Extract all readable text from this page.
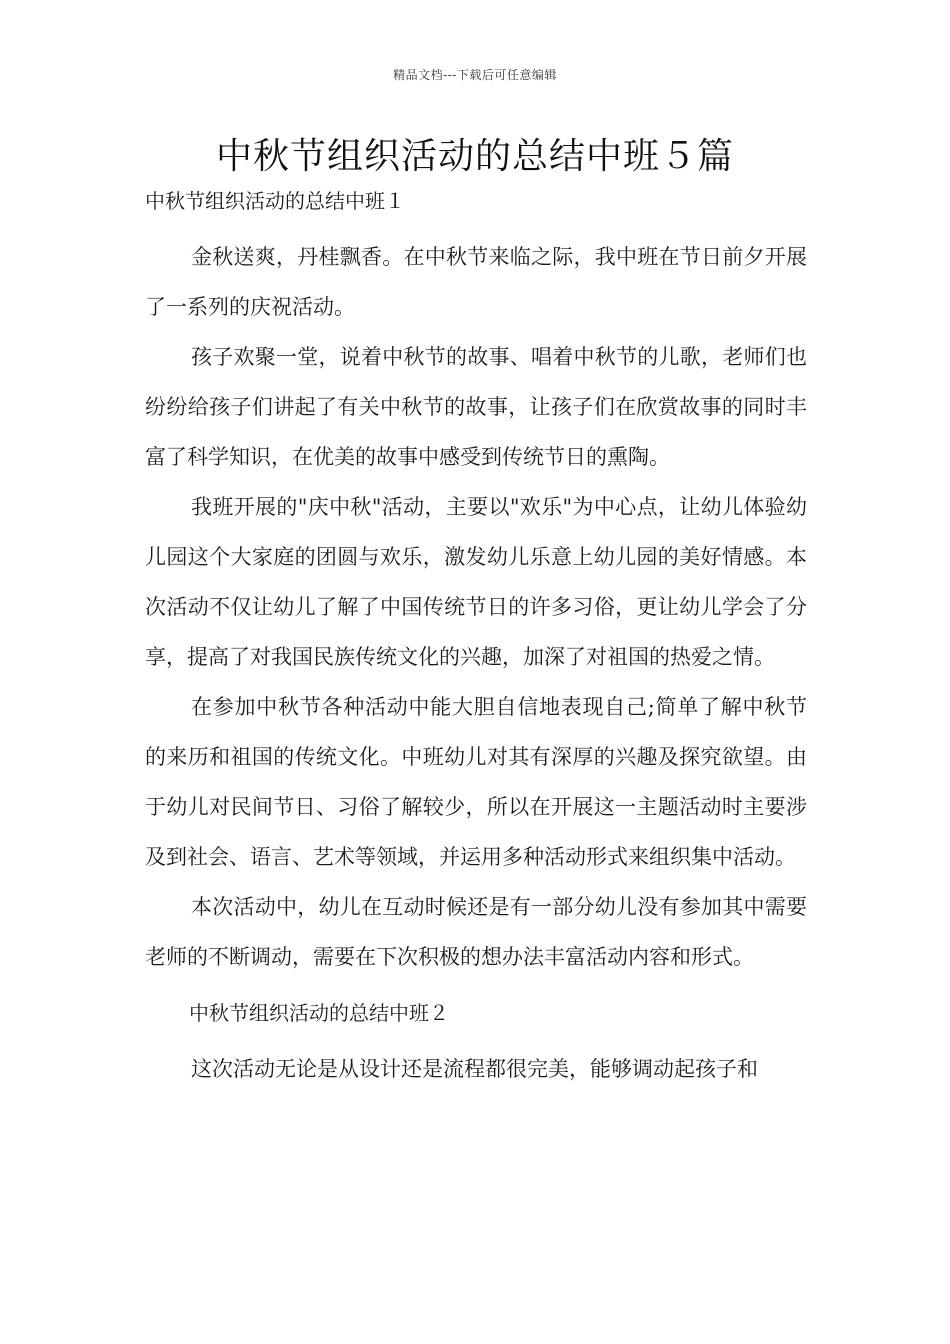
精品文档---下载后可任意编辑
中秋节组织活动的总结中班５篇
中秋节组织活动的总结中班１

金秋送爽，丹桂飘香。在中秋节来临之际，我中班在节日前夕开展了一系列的庆祝活动。

孩子欢聚一堂，说着中秋节的故事、唱着中秋节的儿歌，老师们也纷纷给孩子们讲起了有关中秋节的故事，让孩子们在欣赏故事的同时丰富了科学知识，在优美的故事中感受到传统节日的熏陶。

我班开展的"庆中秋"活动，主要以"欢乐"为中心点，让幼儿体验幼儿园这个大家庭的团圆与欢乐，激发幼儿乐意上幼儿园的美好情感。本次活动不仅让幼儿了解了中国传统节日的许多习俗，更让幼儿学会了分享，提高了对我国民族传统文化的兴趣，加深了对祖国的热爱之情。

在参加中秋节各种活动中能大胆自信地表现自己;简单了解中秋节的来历和祖国的传统文化。中班幼儿对其有深厚的兴趣及探究欲望。由于幼儿对民间节日、习俗了解较少，所以在开展这一主题活动时主要涉及到社会、语言、艺术等领域，并运用多种活动形式来组织集中活动。

本次活动中，幼儿在互动时候还是有一部分幼儿没有参加其中需要老师的不断调动，需要在下次积极的想办法丰富活动内容和形式。

中秋节组织活动的总结中班２

这次活动无论是从设计还是流程都很完美，能够调动起孩子和
